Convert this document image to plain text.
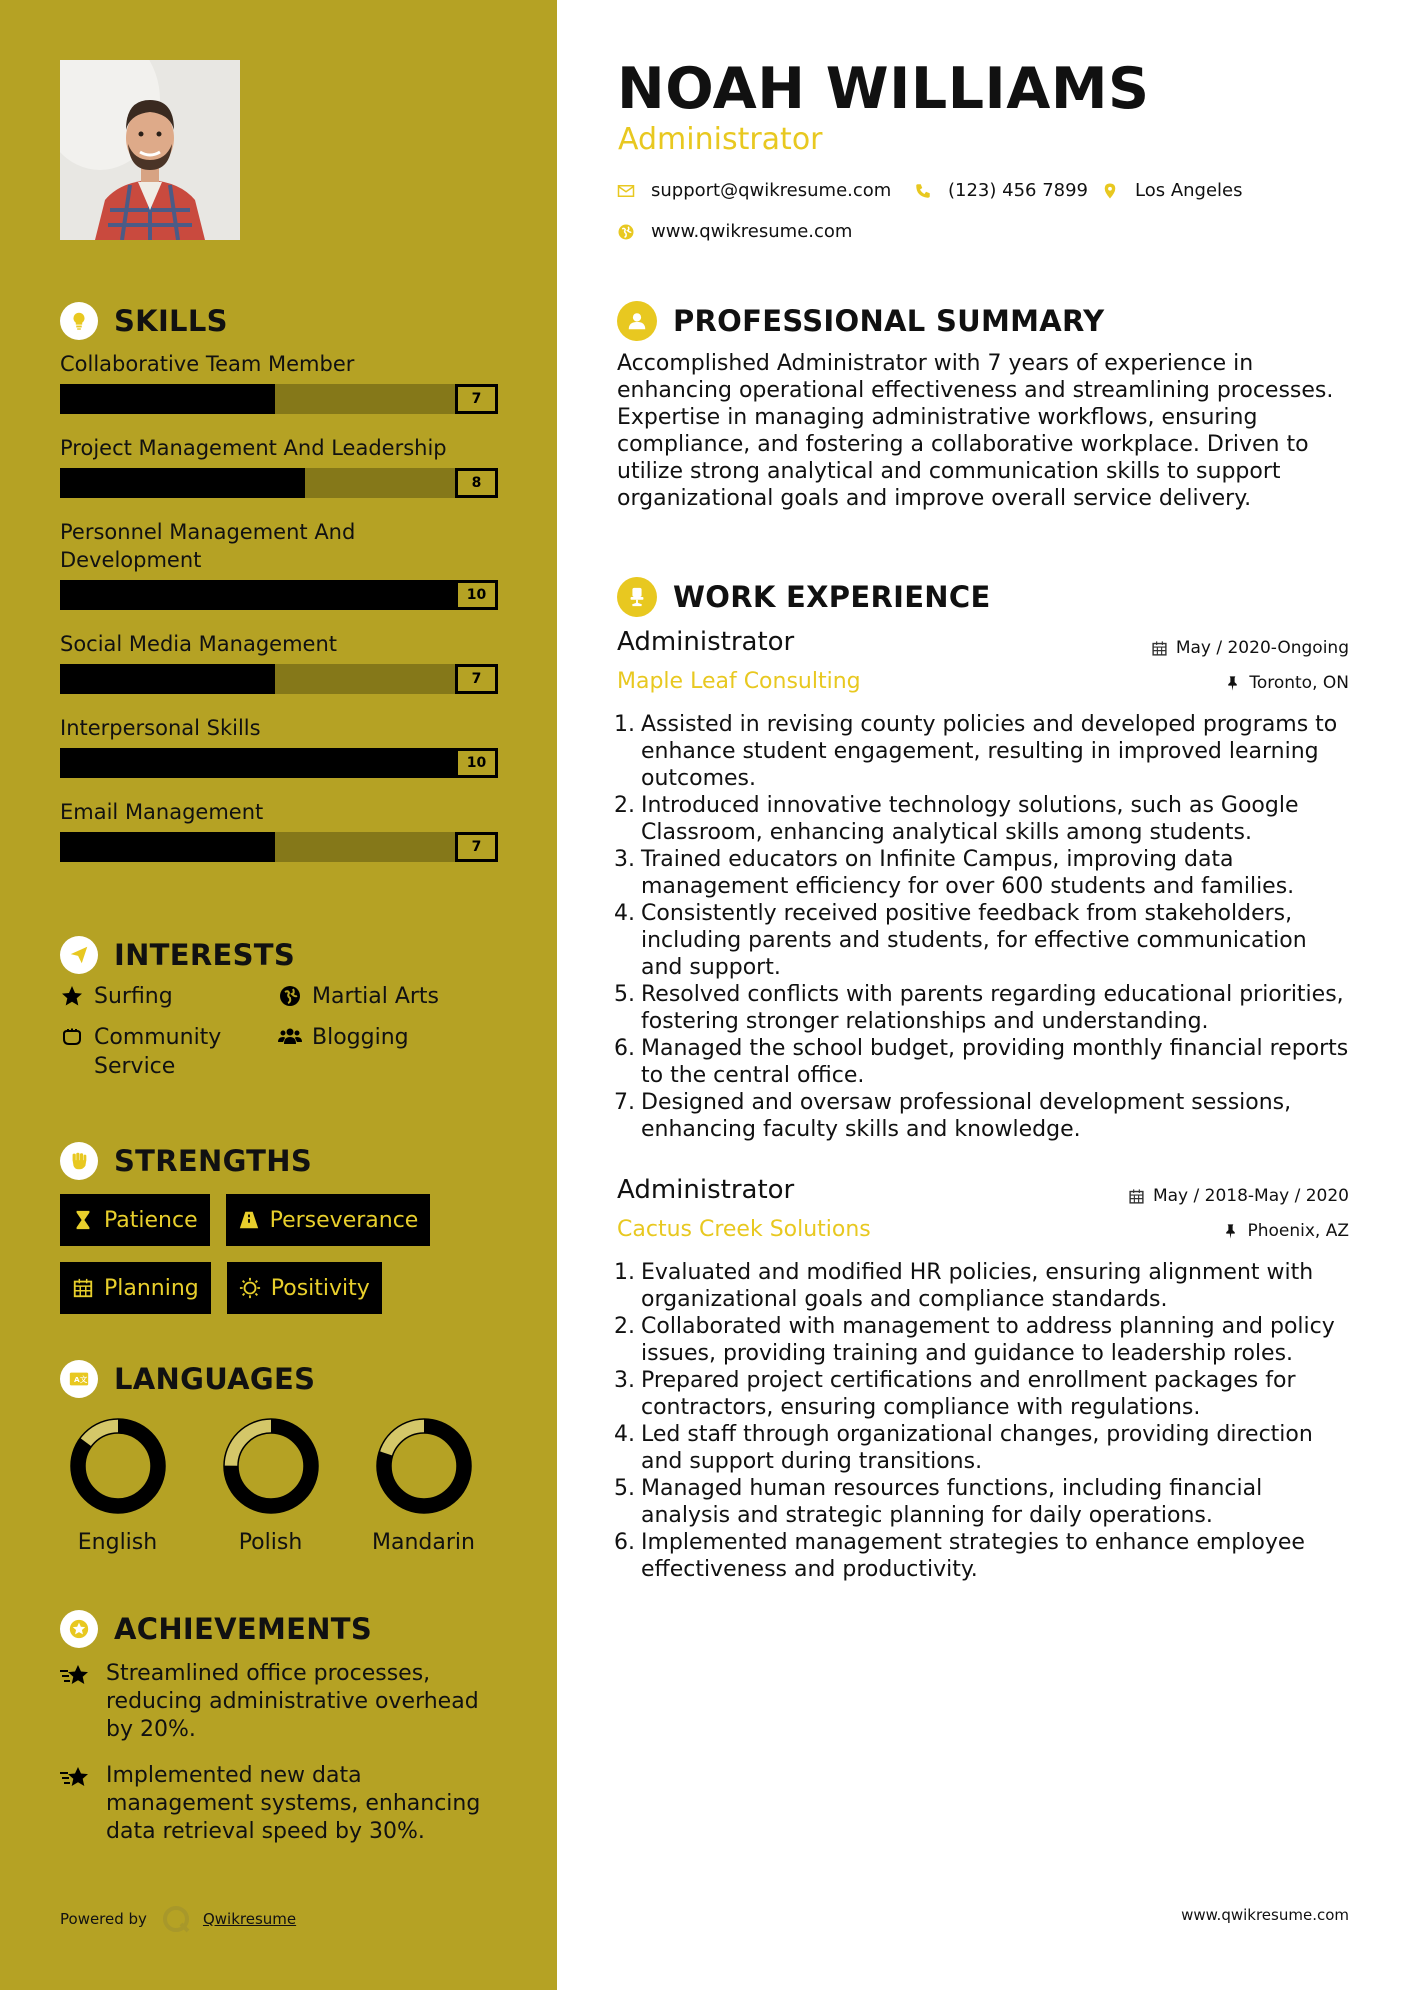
SKILLS
Collaborative Team Member
7
Project Management And Leadership
8
Personnel Management And Development
10
Social Media Management
7
Interpersonal Skills
10
Email Management
7
INTERESTS
Surfing	Martial Arts
Community Service
Blogging
STRENGTHS
Patience	Perseverance
Planning	Positivity
A 文 LANGUAGES
English	Polish	Mandarin
ACHIEVEMENTS
Streamlined office processes, reducing administrative overhead by 20%.
Implemented new data management systems, enhancing data retrieval speed by 30%.
Powered by	Qwikresume
NOAH WILLIAMS
Administrator
support@qwikresume.com	(123) 456 7899	Los Angeles
www.qwikresume.com
PROFESSIONAL SUMMARY
Accomplished Administrator with 7 years of experience in enhancing operational effectiveness and streamlining processes. Expertise in managing administrative workflows, ensuring compliance, and fostering a collaborative workplace. Driven to utilize strong analytical and communication skills to support organizational goals and improve overall service delivery.
WORK EXPERIENCE
Administrator	May / 2020-Ongoing
Maple Leaf Consulting	Toronto, ON
1. Assisted in revising county policies and developed programs to enhance student engagement, resulting in improved learning outcomes.
2. Introduced innovative technology solutions, such as Google Classroom, enhancing analytical skills among students.
3. Trained educators on Infinite Campus, improving data management efficiency for over 600 students and families.
4. Consistently received positive feedback from stakeholders, including parents and students, for effective communication and support.
5. Resolved conflicts with parents regarding educational priorities, fostering stronger relationships and understanding.
6. Managed the school budget, providing monthly financial reports to the central office.
7. Designed and oversaw professional development sessions, enhancing faculty skills and knowledge.
Administrator	May / 2018-May / 2020
Cactus Creek Solutions	Phoenix, AZ
1. Evaluated and modified HR policies, ensuring alignment with organizational goals and compliance standards.
2. Collaborated with management to address planning and policy issues, providing training and guidance to leadership roles.
3. Prepared project certifications and enrollment packages for contractors, ensuring compliance with regulations.
4. Led staff through organizational changes, providing direction and support during transitions.
5. Managed human resources functions, including financial analysis and strategic planning for daily operations.
6. Implemented management strategies to enhance employee effectiveness and productivity.
www.qwikresume.com
